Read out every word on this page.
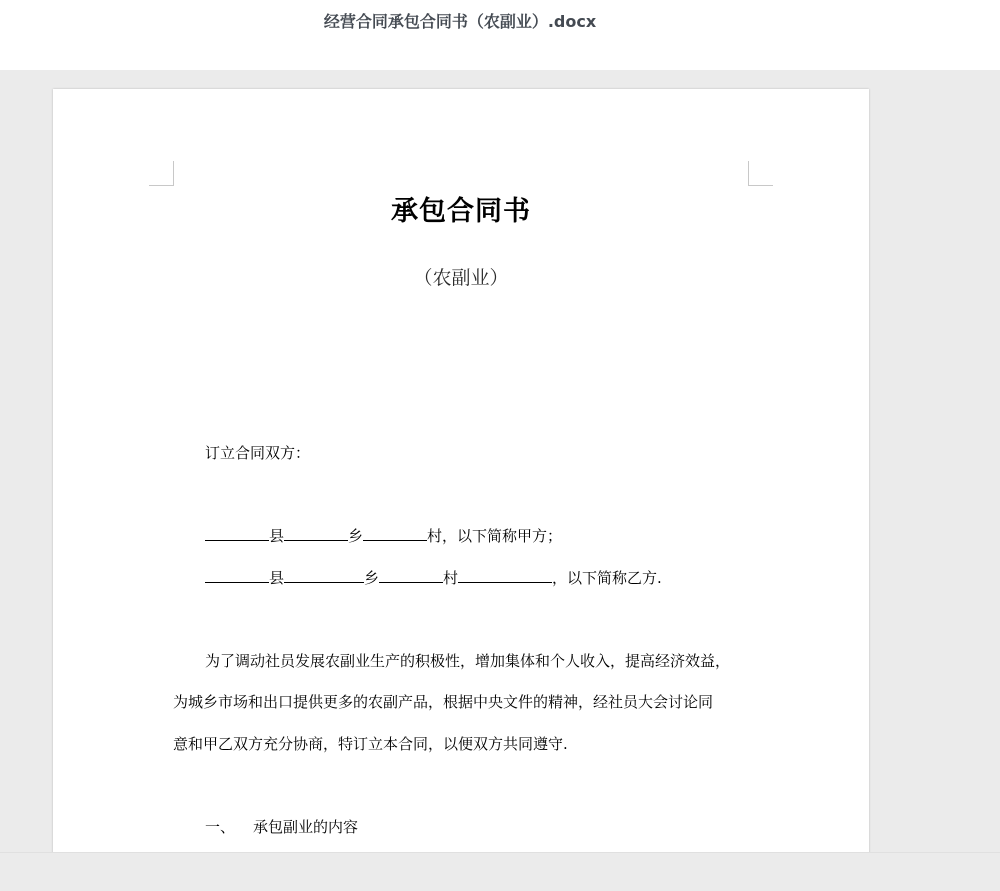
经营合同承包合同书（农副业）.docx
承包合同书
（农副业）
订立合同双方：
县	乡	村，以下简称甲方；
县	乡	村	，以下简称乙方.
为了调动社员发展农副业生产的积极性，增加集体和个人收入，提高经济效益，
为城乡市场和出口提供更多的农副产品，根据中央文件的精神，经社员大会讨论同
意和甲乙双方充分协商，特订立本合同，以便双方共同遵守.
一、 承包副业的内容
